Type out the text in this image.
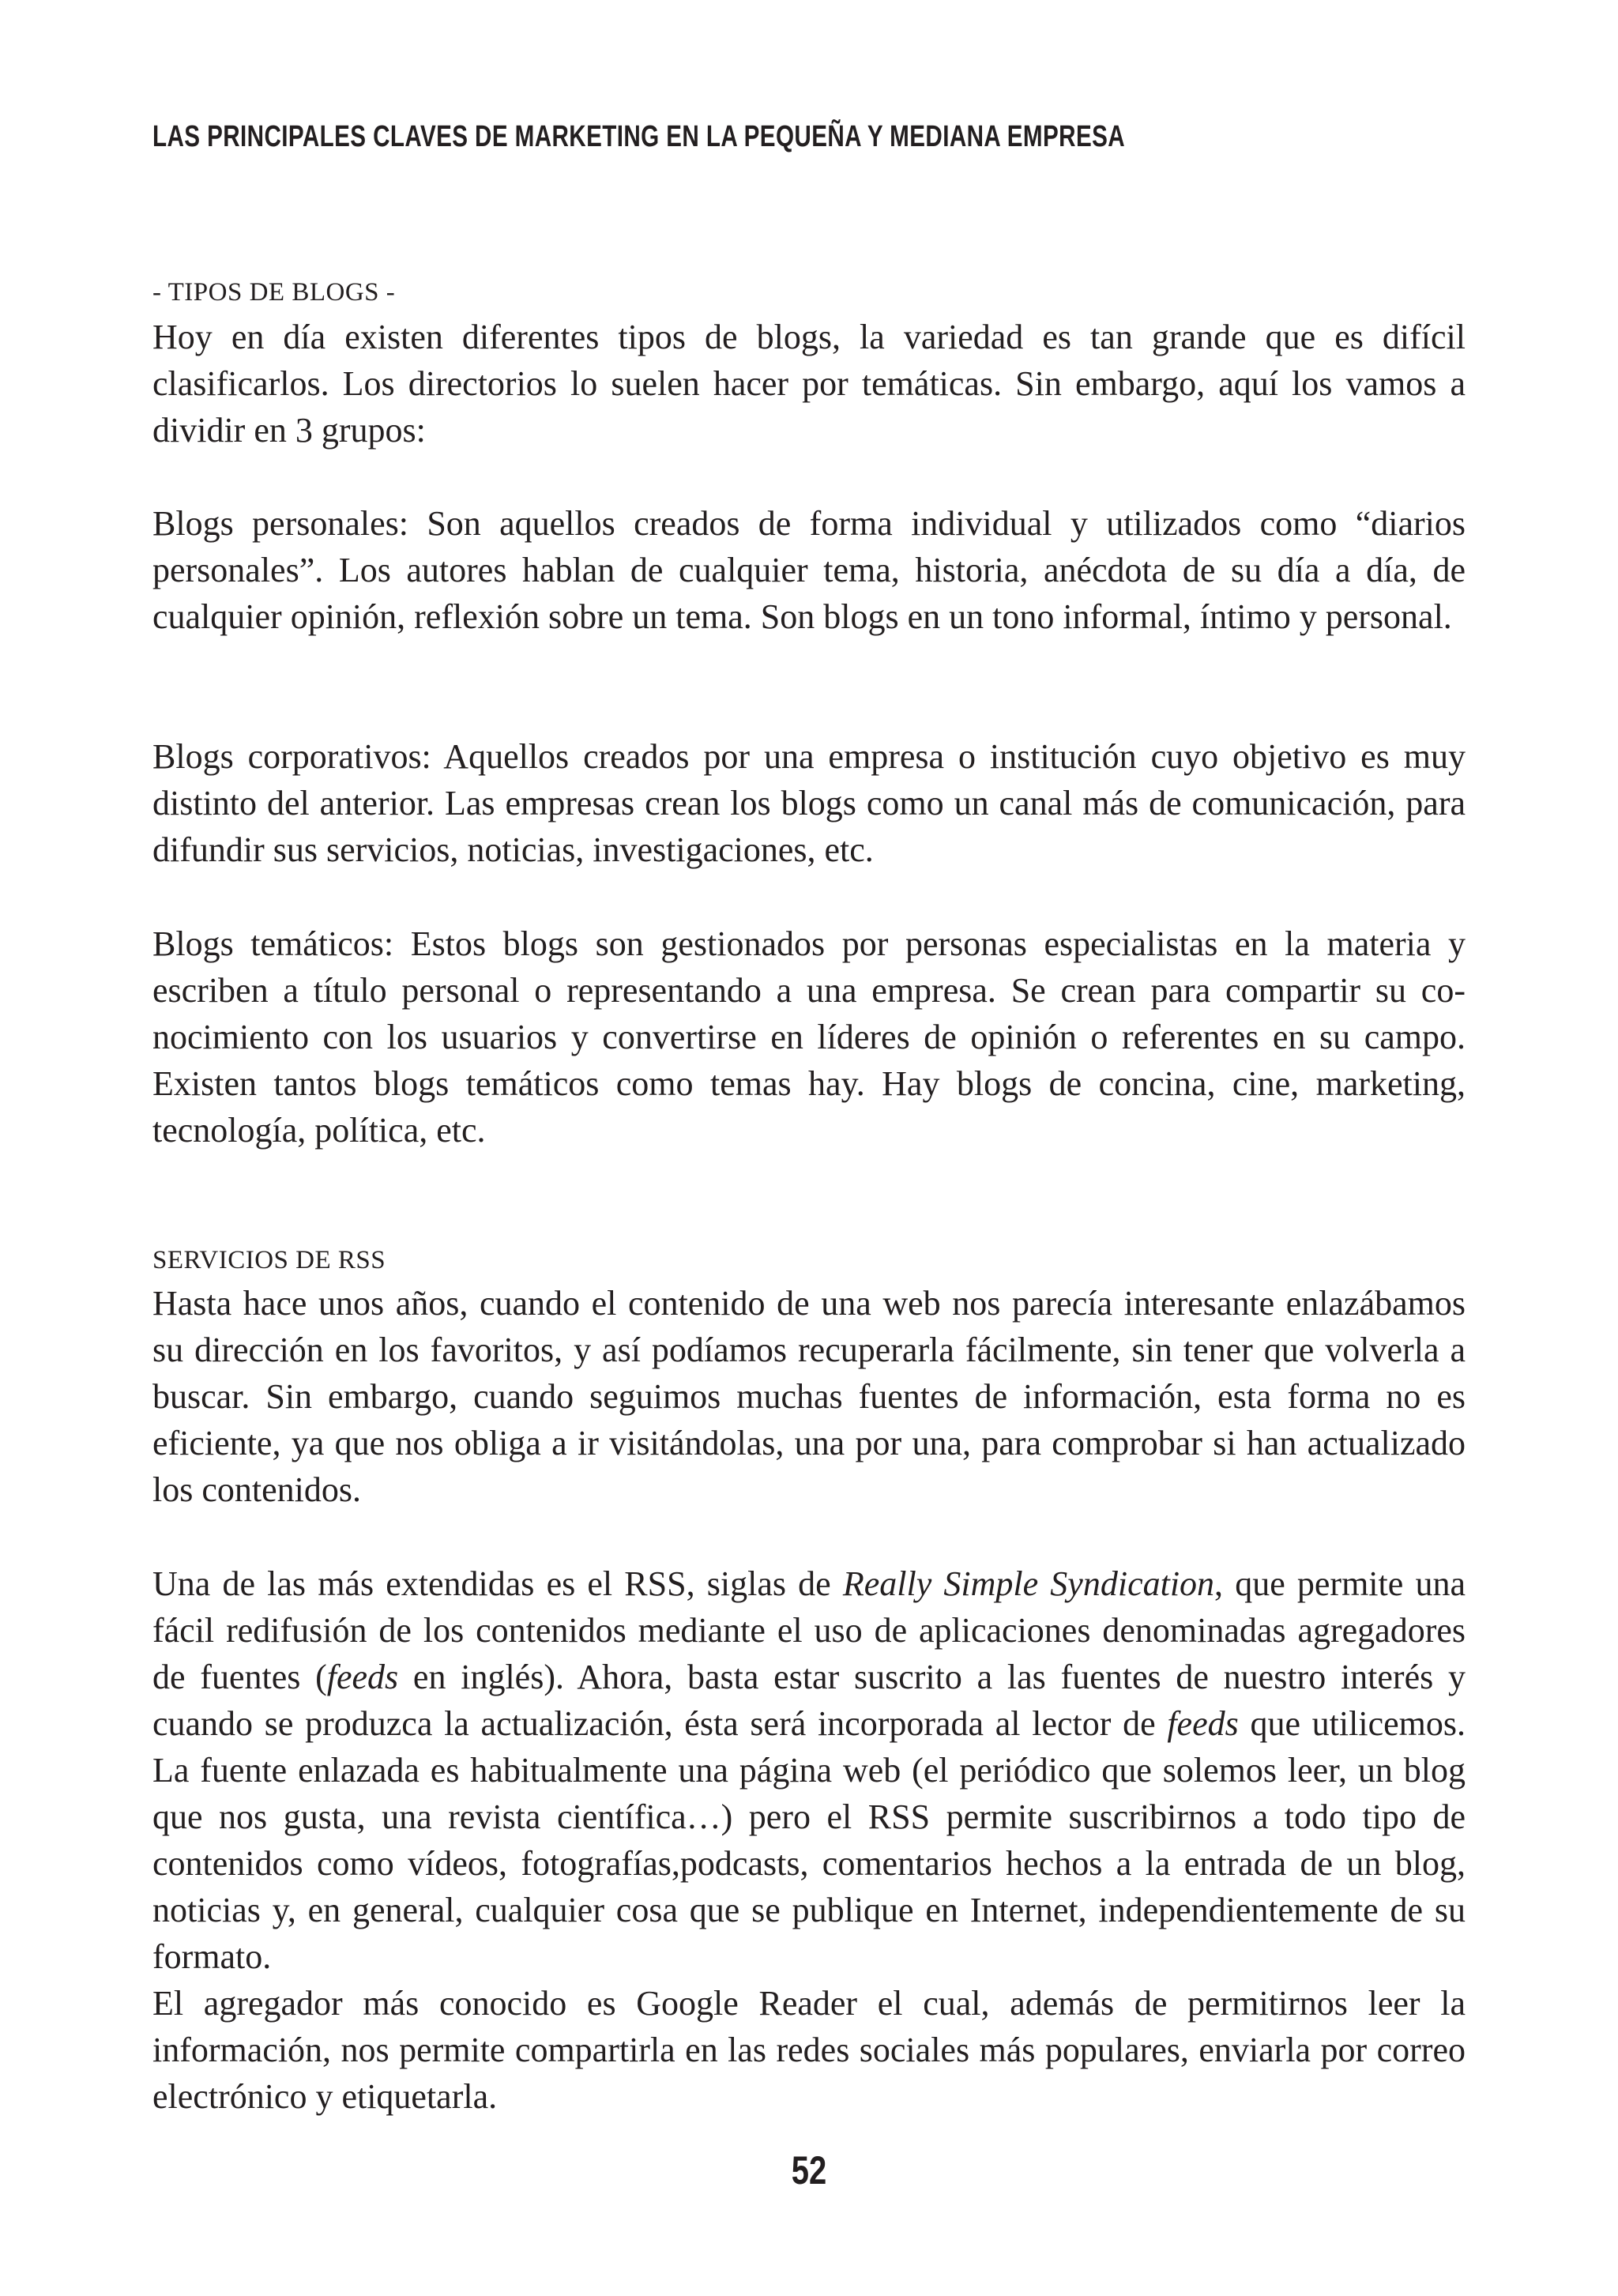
LAS PRINCIPALES CLAVES DE MARKETING EN LA PEQUEÑA Y MEDIANA EMPRESA

- TIPOS DE BLOGS -

Hoy en día existen diferentes tipos de blogs, la variedad es tan grande que es difícil clasificarlos. Los directorios lo suelen hacer por temáticas. Sin embargo, aquí los vamos a dividir en 3 grupos:

Blogs personales: Son aquellos creados de forma individual y utilizados como “diarios personales”. Los autores hablan de cualquier tema, historia, anécdota de su día a día, de cualquier opinión, reflexión sobre un tema. Son blogs en un tono informal, íntimo y personal.

Blogs corporativos: Aquellos creados por una empresa o institución cuyo objetivo es muy distinto del anterior. Las empresas crean los blogs como un canal más de comunicación, para difundir sus servicios, noticias, investigaciones, etc.

Blogs temáticos: Estos blogs son gestionados por personas especialistas en la materia y escriben a título personal o representando a una empresa. Se crean para compartir su conocimiento con los usuarios y convertirse en líderes de opinión o referentes en su campo. Existen tantos blogs temáticos como temas hay. Hay blogs de concina, cine, marketing, tecnología, política, etc.

SERVICIOS DE RSS

Hasta hace unos años, cuando el contenido de una web nos parecía interesante enlazábamos su dirección en los favoritos, y así podíamos recuperarla fácilmente, sin tener que volverla a buscar. Sin embargo, cuando seguimos muchas fuentes de información, esta forma no es eficiente, ya que nos obliga a ir visitándolas, una por una, para comprobar si han actualizado los contenidos.

Una de las más extendidas es el RSS, siglas de Really Simple Syndication, que permite una fácil redifusión de los contenidos mediante el uso de aplicaciones denominadas agregadores de fuentes (feeds en inglés). Ahora, basta estar suscrito a las fuentes de nuestro interés y cuando se produzca la actualización, ésta será incorporada al lector de feeds que utilicemos. La fuente enlazada es habitualmente una página web (el periódico que solemos leer, un blog que nos gusta, una revista científica…) pero el RSS permite suscribirnos a todo tipo de contenidos como vídeos, fotografías,podcasts, comentarios hechos a la entrada de un blog, noticias y, en general, cualquier cosa que se publique en Internet, independientemente de su formato.

El agregador más conocido es Google Reader el cual, además de permitirnos leer la información, nos permite compartirla en las redes sociales más populares, enviarla por correo electrónico y etiquetarla.

52
